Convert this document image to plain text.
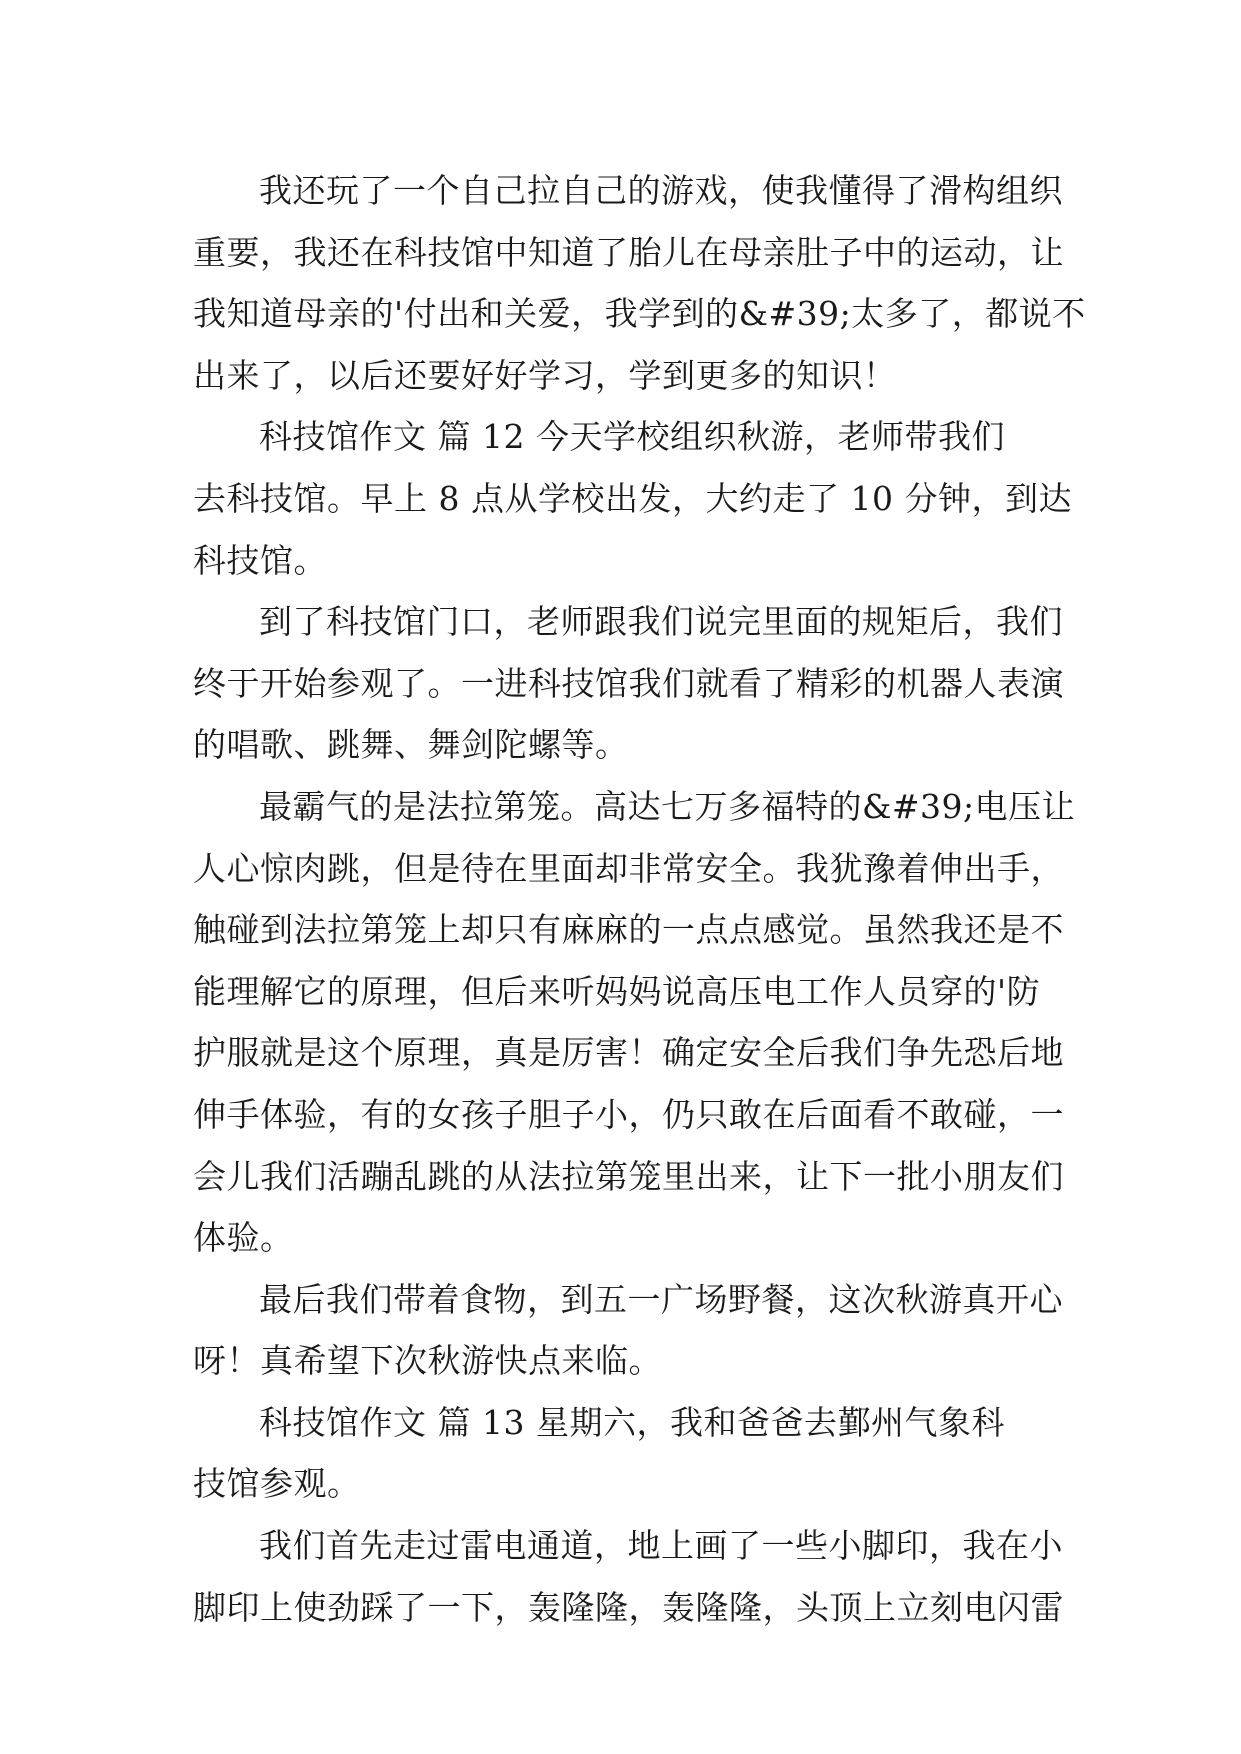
我还玩了一个自己拉自己的游戏，使我懂得了滑构组织
重要，我还在科技馆中知道了胎儿在母亲肚子中的运动，让
我知道母亲的'付出和关爱，我学到的&#39;太多了，都说不
出来了，以后还要好好学习，学到更多的知识！
科技馆作文 篇 12 今天学校组织秋游，老师带我们
去科技馆。早上 8 点从学校出发，大约走了 10 分钟，到达
科技馆。
到了科技馆门口，老师跟我们说完里面的规矩后，我们
终于开始参观了。一进科技馆我们就看了精彩的机器人表演
的唱歌、跳舞、舞剑陀螺等。
最霸气的是法拉第笼。高达七万多福特的&#39;电压让
人心惊肉跳，但是待在里面却非常安全。我犹豫着伸出手，
触碰到法拉第笼上却只有麻麻的一点点感觉。虽然我还是不
能理解它的原理，但后来听妈妈说高压电工作人员穿的'防
护服就是这个原理，真是厉害！确定安全后我们争先恐后地
伸手体验，有的女孩子胆子小，仍只敢在后面看不敢碰，一
会儿我们活蹦乱跳的从法拉第笼里出来，让下一批小朋友们
体验。
最后我们带着食物，到五一广场野餐，这次秋游真开心
呀！真希望下次秋游快点来临。
科技馆作文 篇 13 星期六，我和爸爸去鄞州气象科
技馆参观。
我们首先走过雷电通道，地上画了一些小脚印，我在小
脚印上使劲踩了一下，轰隆隆，轰隆隆，头顶上立刻电闪雷
